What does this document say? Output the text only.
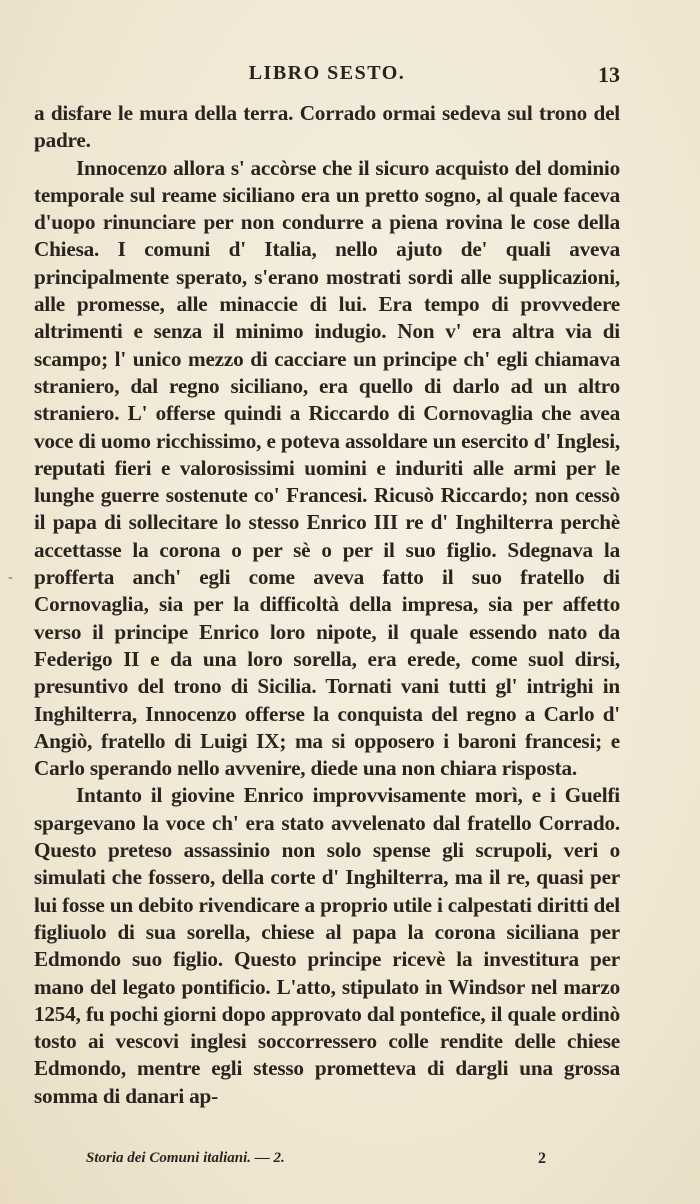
LIBRO SESTO.	13
-

a disfare le mura della terra. Corrado ormai sedeva sul trono del padre.

Innocenzo allora s' accòrse che il sicuro acquisto del dominio temporale sul reame siciliano era un pretto sogno, al quale faceva d'uopo rinunciare per non condurre a piena rovina le cose della Chiesa. I comuni d' Italia, nello ajuto de' quali aveva principalmente sperato, s'erano mostrati sordi alle supplicazioni, alle promesse, alle minaccie di lui. Era tempo di provvedere altrimenti e senza il minimo indugio. Non v' era altra via di scampo; l' unico mezzo di cacciare un principe ch' egli chiamava straniero, dal regno siciliano, era quello di darlo ad un altro straniero. L' offerse quindi a Riccardo di Cornovaglia che avea voce di uomo ricchissimo, e poteva assoldare un esercito d' Inglesi, reputati fieri e valorosissimi uomini e induriti alle armi per le lunghe guerre sostenute co' Francesi. Ricusò Riccardo; non cessò il papa di sollecitare lo stesso Enrico III re d' Inghilterra perchè accettasse la corona o per sè o per il suo figlio. Sdegnava la profferta anch' egli come aveva fatto il suo fratello di Cornovaglia, sia per la difficoltà della impresa, sia per affetto verso il principe Enrico loro nipote, il quale essendo nato da Federigo II e da una loro sorella, era erede, come suol dirsi, presuntivo del trono di Sicilia. Tornati vani tutti gl' intrighi in Inghilterra, Innocenzo offerse la conquista del regno a Carlo d' Angiò, fratello di Luigi IX; ma si opposero i baroni francesi; e Carlo sperando nello avvenire, diede una non chiara risposta.

Intanto il giovine Enrico improvvisamente morì, e i Guelfi spargevano la voce ch' era stato avvelenato dal fratello Corrado. Questo preteso assassinio non solo spense gli scrupoli, veri o simulati che fossero, della corte d' Inghilterra, ma il re, quasi per lui fosse un debito rivendicare a proprio utile i calpestati diritti del figliuolo di sua sorella, chiese al papa la corona siciliana per Edmondo suo figlio. Questo principe ricevè la investitura per mano del legato pontificio. L'atto, stipulato in Windsor nel marzo 1254, fu pochi giorni dopo approvato dal pontefice, il quale ordinò tosto ai vescovi inglesi soccorressero colle rendite delle chiese Edmondo, mentre egli stesso prometteva di dargli una grossa somma di danari ap-

Storia dei Comuni italiani. — 2.	2
